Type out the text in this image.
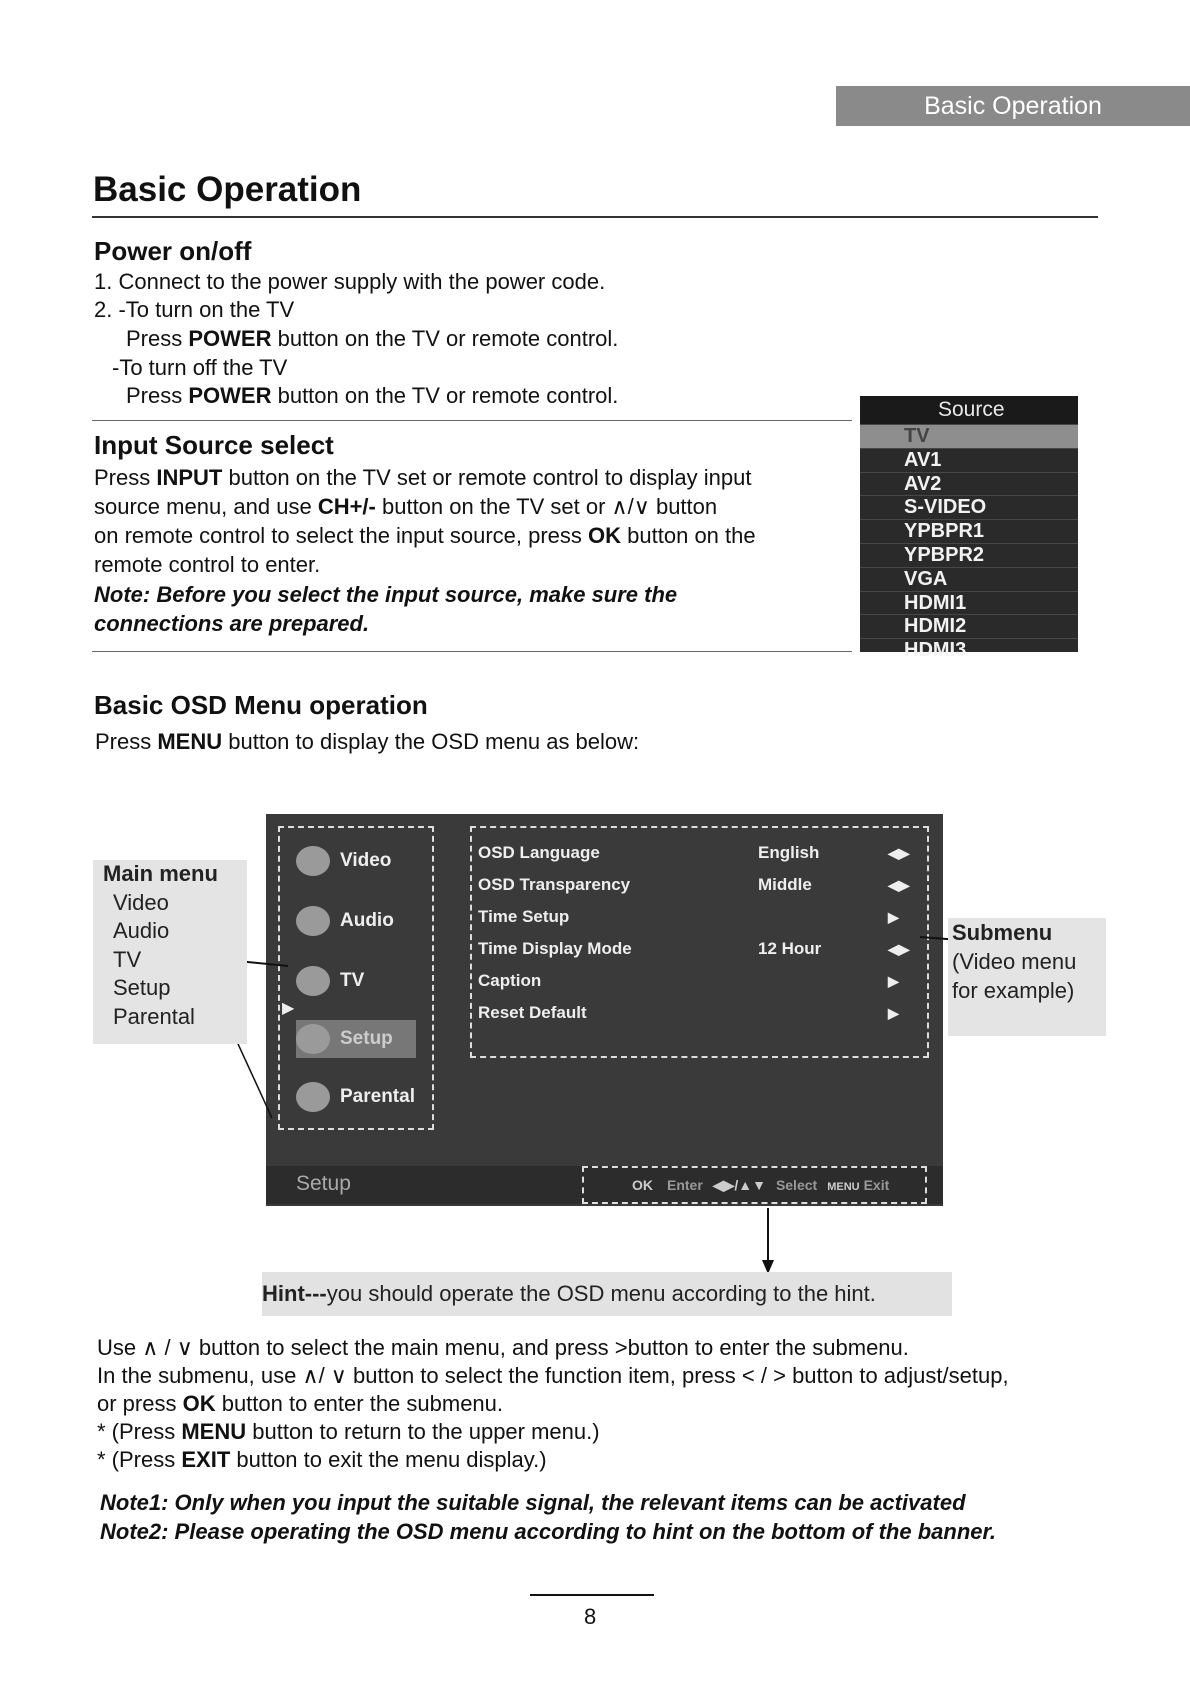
Basic Operation
Basic Operation
Power on/off
1. Connect to the power supply with the power code.
2. -To turn on the TV
Press POWER button on the TV or remote control.
-To turn off the TV
Press POWER button on the TV or remote control.
Input Source select
Press INPUT button on the TV set or remote control to display input
source menu, and use CH+/- button on the TV set or ∧/∨ button
on remote control to select the input source, press OK button on the
remote control to enter.
Note: Before you select the input source, make sure the
connections are prepared.
TV
AV1
AV2
S-VIDEO
YPBPR1
YPBPR2
VGA
HDMI1
HDMI2
HDMI3
Source
Basic OSD Menu operation
Press MENU button to display the OSD menu as below:
Video
Audio
TV
Setup
Parental
▶
OSD Language	English	◀▶
OSD Transparency	Middle	◀▶
Time Setup	▶
Time Display Mode	12 Hour	◀▶
Caption	▶
Reset Default	▶
Setup	OK Enter ◀▶/▲▼ Select MENU Exit
Main menu
Video
Audio
TV
Setup
Parental
Submenu
(Video menu
for example)
Hint---you should operate the OSD menu according to the hint.
Use ∧ / ∨ button to select the main menu, and press >button to enter the submenu.
In the submenu, use ∧/ ∨ button to select the function item, press < / > button to adjust/setup,
or press OK button to enter the submenu.
* (Press MENU button to return to the upper menu.)
* (Press EXIT button to exit the menu display.)
Note1: Only when you input the suitable signal, the relevant items can be activated
Note2: Please operating the OSD menu according to hint on the bottom of the banner.
8
